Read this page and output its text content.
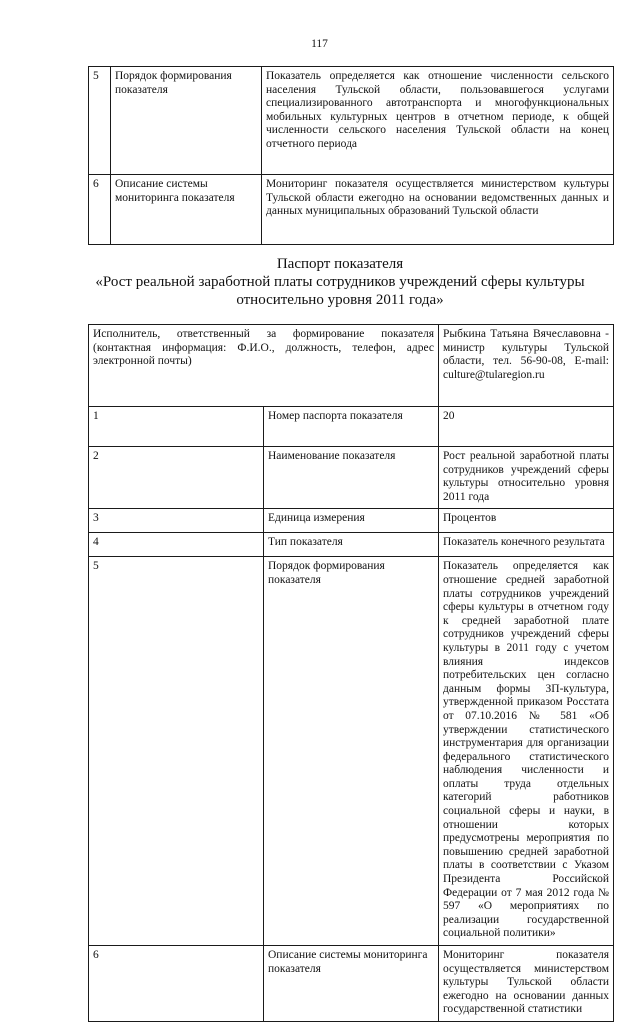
117
5	Порядок формирования показателя	Показатель определяется как отношение численности сельского населения Тульской области, пользовавшегося услугами специализированного автотранспорта и многофункциональных мобильных культурных центров в отчетном периоде, к общей численности сельского населения Тульской области на конец отчетного периода
6	Описание системы мониторинга показателя	Мониторинг показателя осуществляется министерством культуры Тульской области ежегодно на основании ведомственных данных и данных муниципальных образований Тульской области
Паспорт показателя
«Рост реальной заработной платы сотрудников учреждений сферы культуры
относительно уровня 2011 года»
Исполнитель, ответственный за формирование показателя (контактная информация: Ф.И.О., должность, телефон, адрес электронной почты)		Рыбкина Татьяна Вячеславовна - министр культуры Тульской области, тел. 56-90-08, E-mail: culture@tularegion.ru
1	Номер паспорта показателя	20
2	Наименование показателя	Рост реальной заработной платы сотрудников учреждений сферы культуры относительно уровня 2011 года
3	Единица измерения	Процентов
4	Тип показателя	Показатель конечного результата
5	Порядок формирования показателя	Показатель определяется как отношение средней заработной платы сотрудников учреждений сферы культуры в отчетном году к средней заработной плате сотрудников учреждений сферы культуры в 2011 году с учетом влияния индексов потребительских цен согласно данным формы ЗП-культура, утвержденной приказом Росстата от 07.10.2016 № 581 «Об утверждении статистического инструментария для организации федерального статистического наблюдения численности и оплаты труда отдельных категорий работников социальной сферы и науки, в отношении которых предусмотрены мероприятия по повышению средней заработной платы в соответствии с Указом Президента Российской Федерации от 7 мая 2012 года № 597 «О мероприятиях по реализации государственной социальной политики»
6	Описание системы мониторинга показателя	Мониторинг показателя осуществляется министерством культуры Тульской области ежегодно на основании данных государственной статистики
